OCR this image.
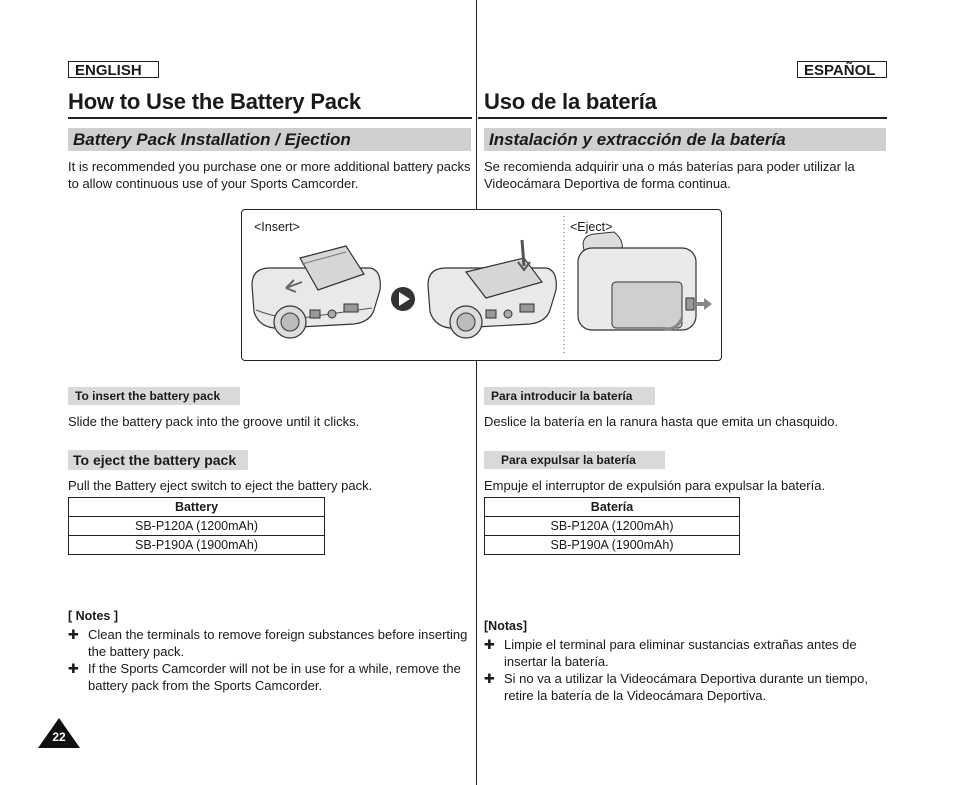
ENGLISH
How to Use the Battery Pack
Battery Pack Installation / Ejection
It is recommended you purchase one or more additional battery packs
to allow continuous use of your Sports Camcorder.
To insert the battery pack
Slide the battery pack into the groove until it clicks.
To eject the battery pack
Pull the Battery eject switch to eject the battery pack.
Battery
SB-P120A (1200mAh)
SB-P190A (1900mAh)
[ Notes ]
✚ Clean the terminals to remove foreign substances before inserting
the battery pack.
✚ If the Sports Camcorder will not be in use for a while, remove the
battery pack from the Sports Camcorder.
ESPAÑOL
Uso de la batería
Instalación y extracción de la batería
Se recomienda adquirir una o más baterías para poder utilizar la
Videocámara Deportiva de forma continua.
Para introducir la batería
Deslice la batería en la ranura hasta que emita un chasquido.
Para expulsar la batería
Empuje el interruptor de expulsión para expulsar la batería.
Batería
SB-P120A (1200mAh)
SB-P190A (1900mAh)
[Notas]
✚ Limpie el terminal para eliminar sustancias extrañas antes de
insertar la batería.
✚ Si no va a utilizar la Videocámara Deportiva durante un tiempo,
retire la batería de la Videocámara Deportiva.
<Insert>	<Eject>
22
